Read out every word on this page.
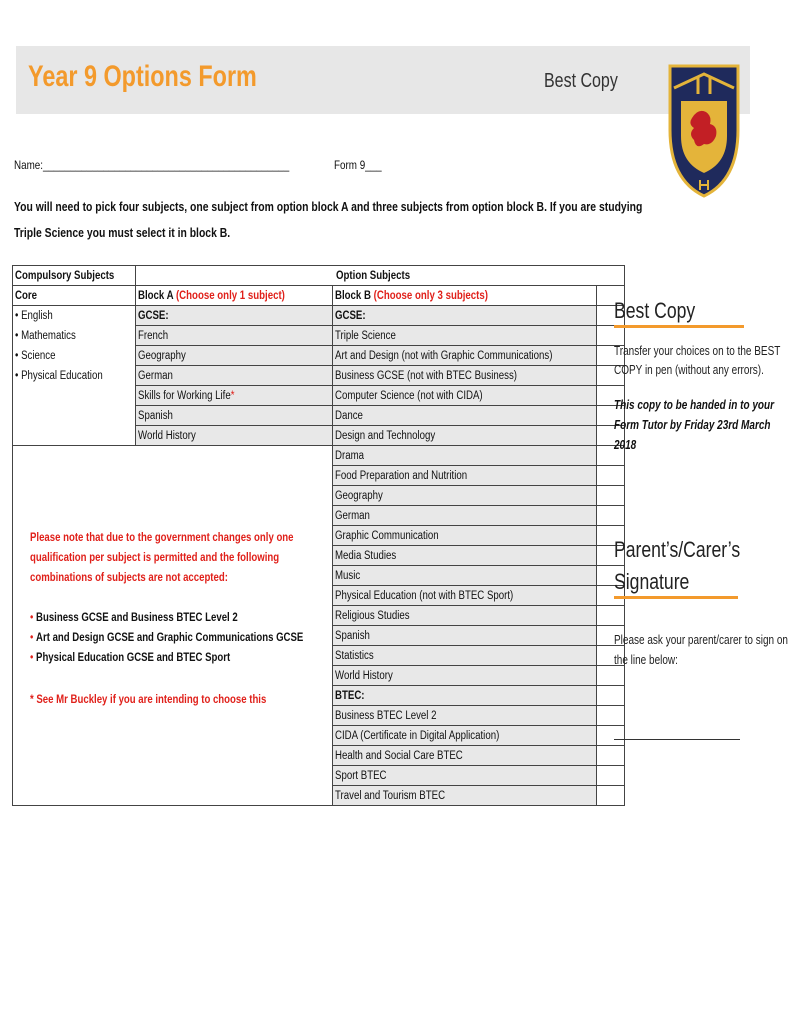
Year 9 Options Form	Best Copy
Name:_____________________________________________	Form 9___
You will need to pick four subjects, one subject from option block A and three subjects from option block B. If you are studying
Triple Science you must select it in block B.
Compulsory Subjects	Option Subjects		
Core	Block A (Choose only 1 subject)	Block B (Choose only 3 subjects)	

• English
• Mathematics
• Science
• Physical Education	GCSE:	GCSE:	
	French	Triple Science	
	Geography	Art and Design (not with Graphic Communications)	
	German	Business GCSE (not with BTEC Business)	
	Skills for Working Life*	Computer Science (not with CIDA)	
	Spanish	Dance	
	World History	Design and Technology	
		Drama	
		Food Preparation and Nutrition	
		Geography	
		German	
		Graphic Communication	
		Media Studies	
		Music	
		Physical Education (not with BTEC Sport)	
		Religious Studies	
		Spanish	
		Statistics	
		World History	
		BTEC:	
		Business BTEC Level 2	
		CIDA (Certificate in Digital Application)	
		Health and Social Care BTEC	
		Sport BTEC	
		Travel and Tourism BTEC	
Please note that due to the government changes only one
qualification per subject is permitted and the following
combinations of subjects are not accepted:
• Business GCSE and Business BTEC Level 2
• Art and Design GCSE and Graphic Communications GCSE
• Physical Education GCSE and BTEC Sport
* See Mr Buckley if you are intending to choose this
Best Copy
Transfer your choices on to the BEST
COPY in pen (without any errors).
This copy to be handed in to your
Form Tutor by Friday 23rd March
2018
Parent’s/Carer’s
Signature
Please ask your parent/carer to sign on
the line below:
